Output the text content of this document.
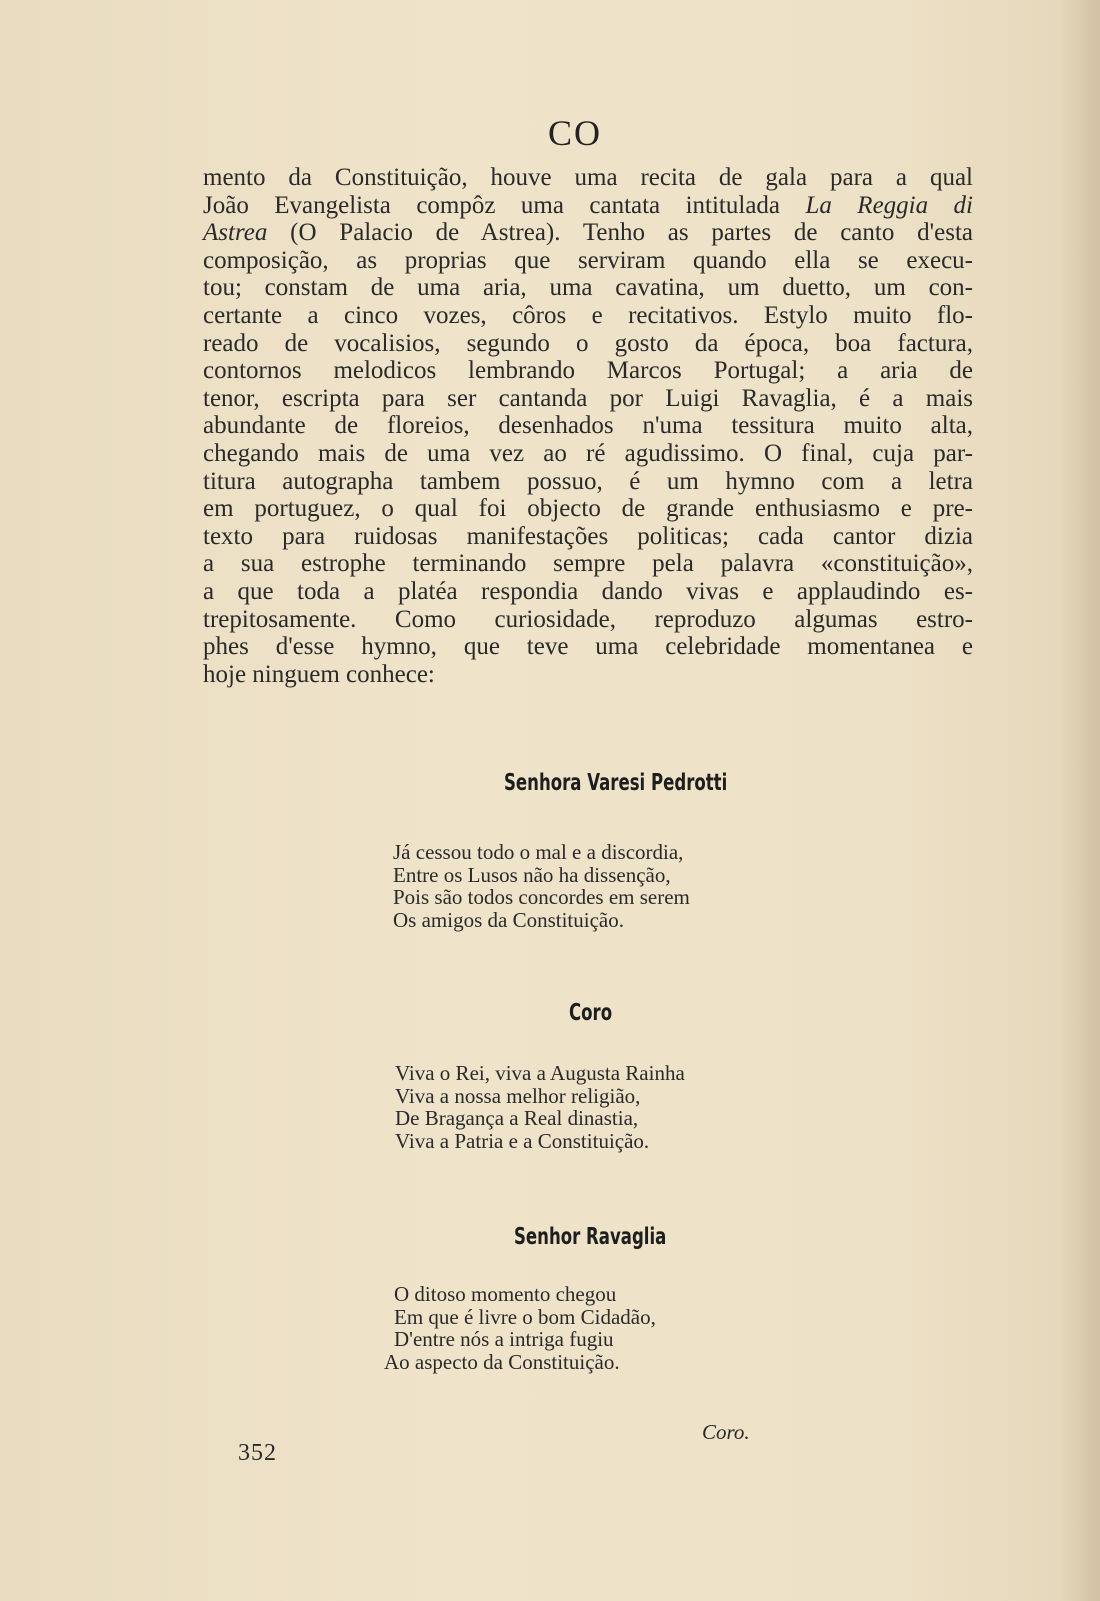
CO
mento da Constituição, houve uma recita de gala para a qual
João Evangelista compôz uma cantata intitulada La Reggia di
Astrea (O Palacio de Astrea). Tenho as partes de canto d'esta
composição, as proprias que serviram quando ella se execu-
tou; constam de uma aria, uma cavatina, um duetto, um con-
certante a cinco vozes, côros e recitativos. Estylo muito flo-
reado de vocalisios, segundo o gosto da época, boa factura,
contornos melodicos lembrando Marcos Portugal; a aria de
tenor, escripta para ser cantanda por Luigi Ravaglia, é a mais
abundante de floreios, desenhados n'uma tessitura muito alta,
chegando mais de uma vez ao ré agudissimo. O final, cuja par-
titura autographa tambem possuo, é um hymno com a letra
em portuguez, o qual foi objecto de grande enthusiasmo e pre-
texto para ruidosas manifestações politicas; cada cantor dizia
a sua estrophe terminando sempre pela palavra «constituição»,
a que toda a platéa respondia dando vivas e applaudindo es-
trepitosamente. Como curiosidade, reproduzo algumas estro-
phes d'esse hymno, que teve uma celebridade momentanea e
hoje ninguem conhece:
Senhora Varesi Pedrotti
Já cessou todo o mal e a discordia,
Entre os Lusos não ha dissenção,
Pois são todos concordes em serem
Os amigos da Constituição.
Coro
Viva o Rei, viva a Augusta Rainha
Viva a nossa melhor religião,
De Bragança a Real dinastia,
Viva a Patria e a Constituição.
Senhor Ravaglia
O ditoso momento chegou
Em que é livre o bom Cidadão,
D'entre nós a intriga fugiu
Ao aspecto da Constituição.
Coro.
352
